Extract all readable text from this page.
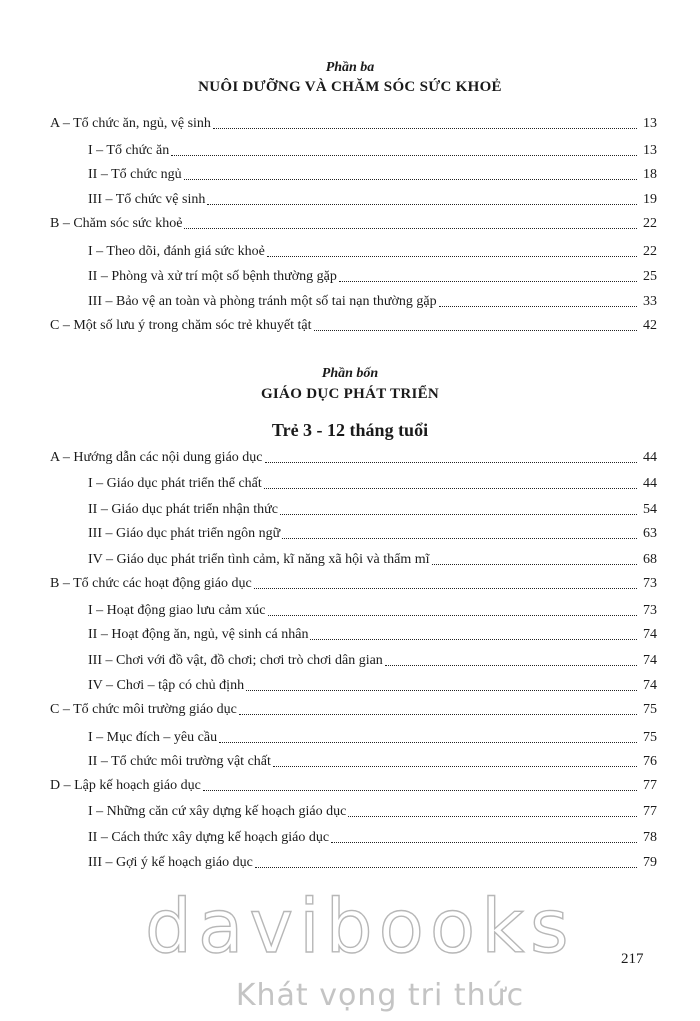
Phần ba
NUÔI DƯỠNG VÀ CHĂM SÓC SỨC KHOẺ
A – Tổ chức ăn, ngủ, vệ sinh	13
I – Tổ chức ăn	13
II – Tổ chức ngủ	18
III – Tổ chức vệ sinh	19
B – Chăm sóc sức khoẻ	22
I – Theo dõi, đánh giá sức khoẻ	22
II – Phòng và xử trí một số bệnh thường gặp	25
III – Bảo vệ an toàn và phòng tránh một số tai nạn thường gặp	33
C – Một số lưu ý trong chăm sóc trẻ khuyết tật	42
Phần bốn
GIÁO DỤC PHÁT TRIỂN
Trẻ 3 - 12 tháng tuổi
A – Hướng dẫn các nội dung giáo dục	44
I – Giáo dục phát triển thể chất	44
II – Giáo dục phát triển nhận thức	54
III – Giáo dục phát triển ngôn ngữ	63
IV – Giáo dục phát triển tình cảm, kĩ năng xã hội và thẩm mĩ	68
B – Tổ chức các hoạt động giáo dục	73
I – Hoạt động giao lưu cảm xúc	73
II – Hoạt động ăn, ngủ, vệ sinh cá nhân	74
III – Chơi với đồ vật, đồ chơi; chơi trò chơi dân gian	74
IV – Chơi – tập có chủ định	74
C – Tổ chức môi trường giáo dục	75
I – Mục đích – yêu cầu	75
II – Tổ chức môi trường vật chất	76
D – Lập kế hoạch giáo dục	77
I – Những căn cứ xây dựng kế hoạch giáo dục	77
II – Cách thức xây dựng kế hoạch giáo dục	78
III – Gợi ý kế hoạch giáo dục	79
davibooks
Khát vọng tri thức
217
